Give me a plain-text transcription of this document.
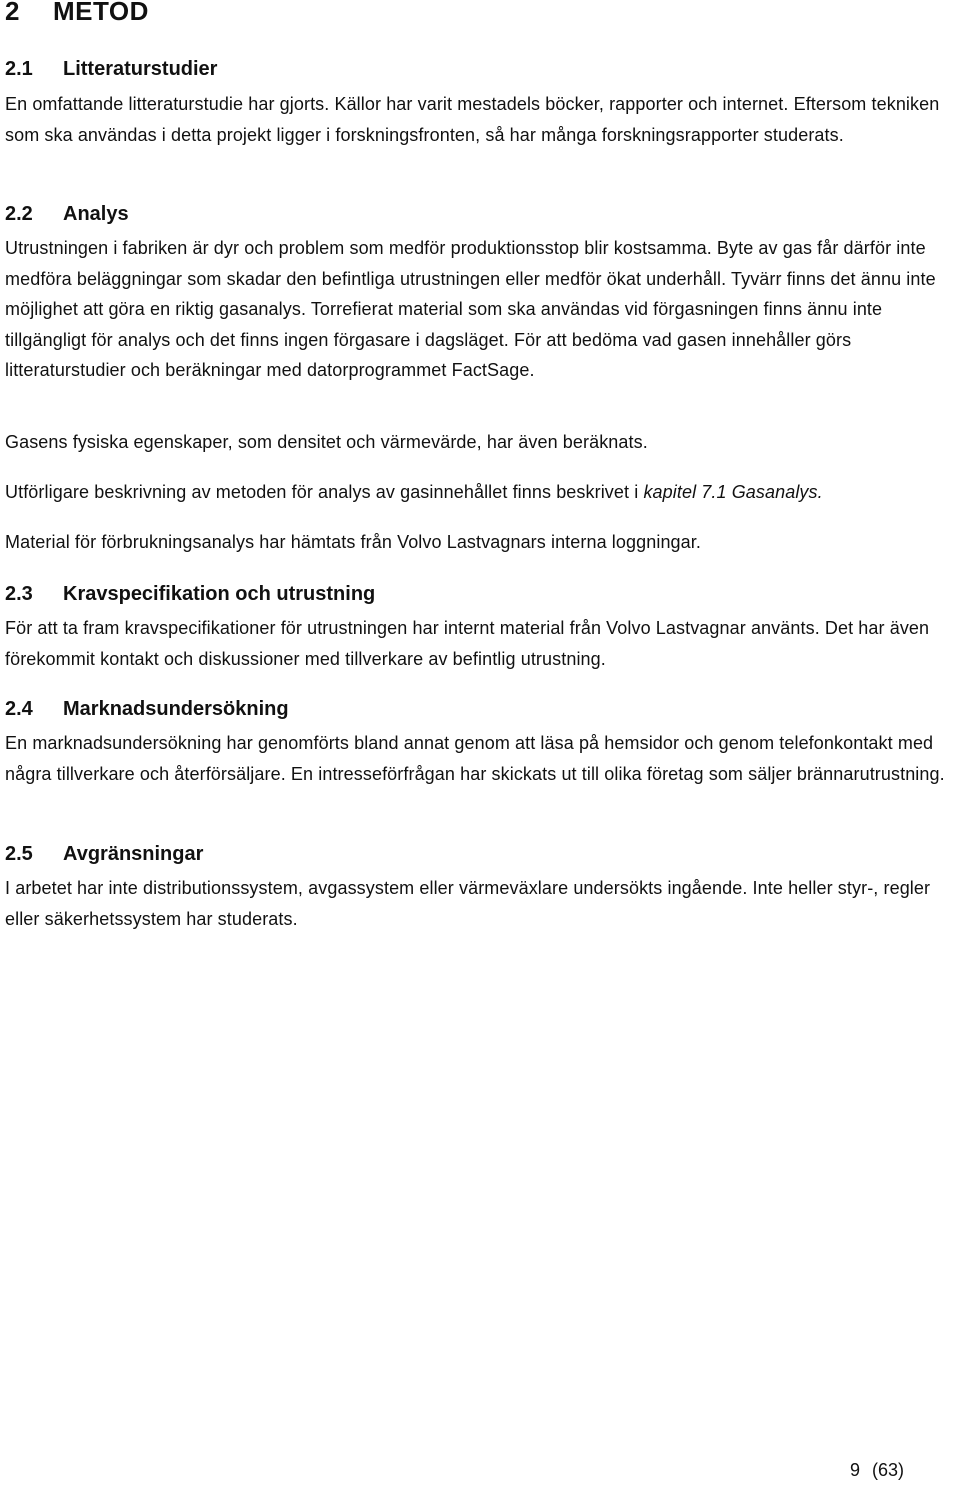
2 METOD
2.1 Litteraturstudier
En omfattande litteraturstudie har gjorts. Källor har varit mestadels böcker, rapporter och internet. Eftersom tekniken som ska användas i detta projekt ligger i forskningsfronten, så har många forskningsrapporter studerats.
2.2 Analys
Utrustningen i fabriken är dyr och problem som medför produktionsstop blir kostsamma. Byte av gas får därför inte medföra beläggningar som skadar den befintliga utrustningen eller medför ökat underhåll. Tyvärr finns det ännu inte möjlighet att göra en riktig gasanalys. Torrefierat material som ska användas vid förgasningen finns ännu inte tillgängligt för analys och det finns ingen förgasare i dagsläget. För att bedöma vad gasen innehåller görs litteraturstudier och beräkningar med datorprogrammet FactSage.
Gasens fysiska egenskaper, som densitet och värmevärde, har även beräknats.
Utförligare beskrivning av metoden för analys av gasinnehållet finns beskrivet i kapitel 7.1 Gasanalys.
Material för förbrukningsanalys har hämtats från Volvo Lastvagnars interna loggningar.
2.3 Kravspecifikation och utrustning
För att ta fram kravspecifikationer för utrustningen har internt material från Volvo Lastvagnar använts. Det har även förekommit kontakt och diskussioner med tillverkare av befintlig utrustning.
2.4 Marknadsundersökning
En marknadsundersökning har genomförts bland annat genom att läsa på hemsidor och genom telefonkontakt med några tillverkare och återförsäljare. En intresseförfrågan har skickats ut till olika företag som säljer brännarutrustning.
2.5 Avgränsningar
I arbetet har inte distributionssystem, avgassystem eller värmeväxlare undersökts ingående. Inte heller styr-, regler eller säkerhetssystem har studerats.
9 (63)
